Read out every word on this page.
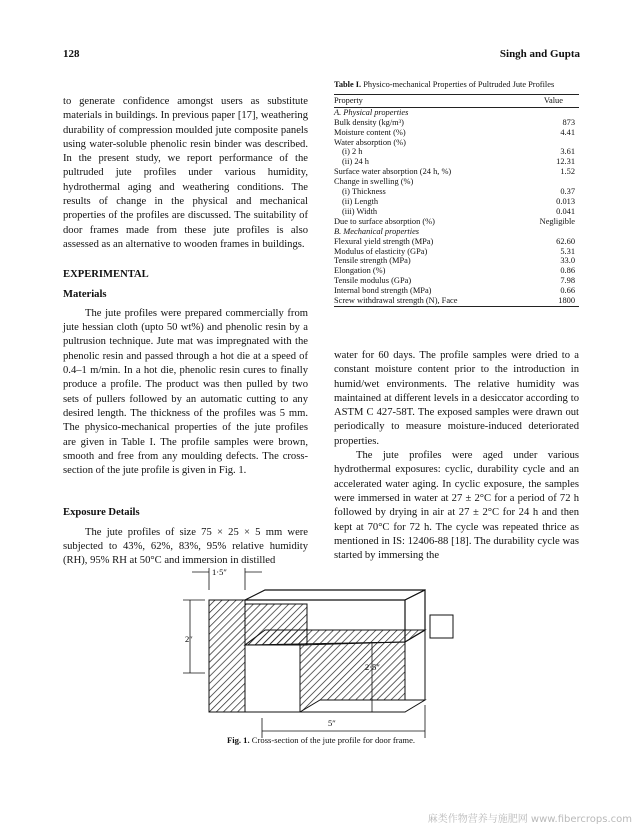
128	Singh and Gupta

to generate confidence amongst users as substitute materials in buildings. In previous paper [17], weathering durability of compression moulded jute composite panels using water-soluble phenolic resin binder was described. In the present study, we report performance of the pultruded jute profiles under various humidity, hydrothermal aging and weathering conditions. The results of change in the physical and mechanical properties of the profiles are discussed. The suitability of door frames made from these jute profiles is also assessed as an alternative to wooden frames in buildings.

EXPERIMENTAL

Materials

The jute profiles were prepared commercially from jute hessian cloth (upto 50 wt%) and phenolic resin by a pultrusion technique. Jute mat was impregnated with the phenolic resin and passed through a hot die at a speed of 0.4–1 m/min. In a hot die, phenolic resin cures to finally produce a profile. The product was then pulled by two sets of pullers followed by an automatic cutting to any desired length. The thickness of the profiles was 5 mm. The physico-mechanical properties of the jute profiles are given in Table I. The profile samples were brown, smooth and free from any moulding defects. The cross-section of the jute profile is given in Fig. 1.

Exposure Details

The jute profiles of size 75 × 25 × 5 mm were subjected to 43%, 62%, 83%, 95% relative humidity (RH), 95% RH at 50°C and immersion in distilled

Table I. Physico-mechanical Properties of Pultruded Jute Profiles
Property	Value
A. Physical properties	
Bulk density (kg/m³)	873
Moisture content (%)	4.41
Water absorption (%)	
(i) 2 h	3.61
(ii) 24 h	12.31
Surface water absorption (24 h, %)	1.52
Change in swelling (%)	
(i) Thickness	0.37
(ii) Length	0.013
(iii) Width	0.041
Due to surface absorption (%)	Negligible
B. Mechanical properties	
Flexural yield strength (MPa)	62.60
Modulus of elasticity (GPa)	5.31
Tensile strength (MPa)	33.0
Elongation (%)	0.86
Tensile modulus (GPa)	7.98
Internal bond strength (MPa)	0.66
Screw withdrawal strength (N), Face	1800

water for 60 days. The profile samples were dried to a constant moisture content prior to the introduction in humid/wet environments. The relative humidity was maintained at different levels in a desiccator according to ASTM C 427-58T. The exposed samples were drawn out periodically to measure moisture-induced deteriorated properties.

The jute profiles were aged under various hydrothermal exposures: cyclic, durability cycle and an accelerated water aging. In cyclic exposure, the samples were immersed in water at 27 ± 2°C for a period of 72 h followed by drying in air at 27 ± 2°C for 24 h and then kept at 70°C for 72 h. The cycle was repeated thrice as mentioned in IS: 12406-88 [18]. The durability cycle was started by immersing the

1·5″
2″
2·5″
5″
Fig. 1. Cross-section of the jute profile for door frame.
麻类作物营养与施肥网 www.fibercrops.com
